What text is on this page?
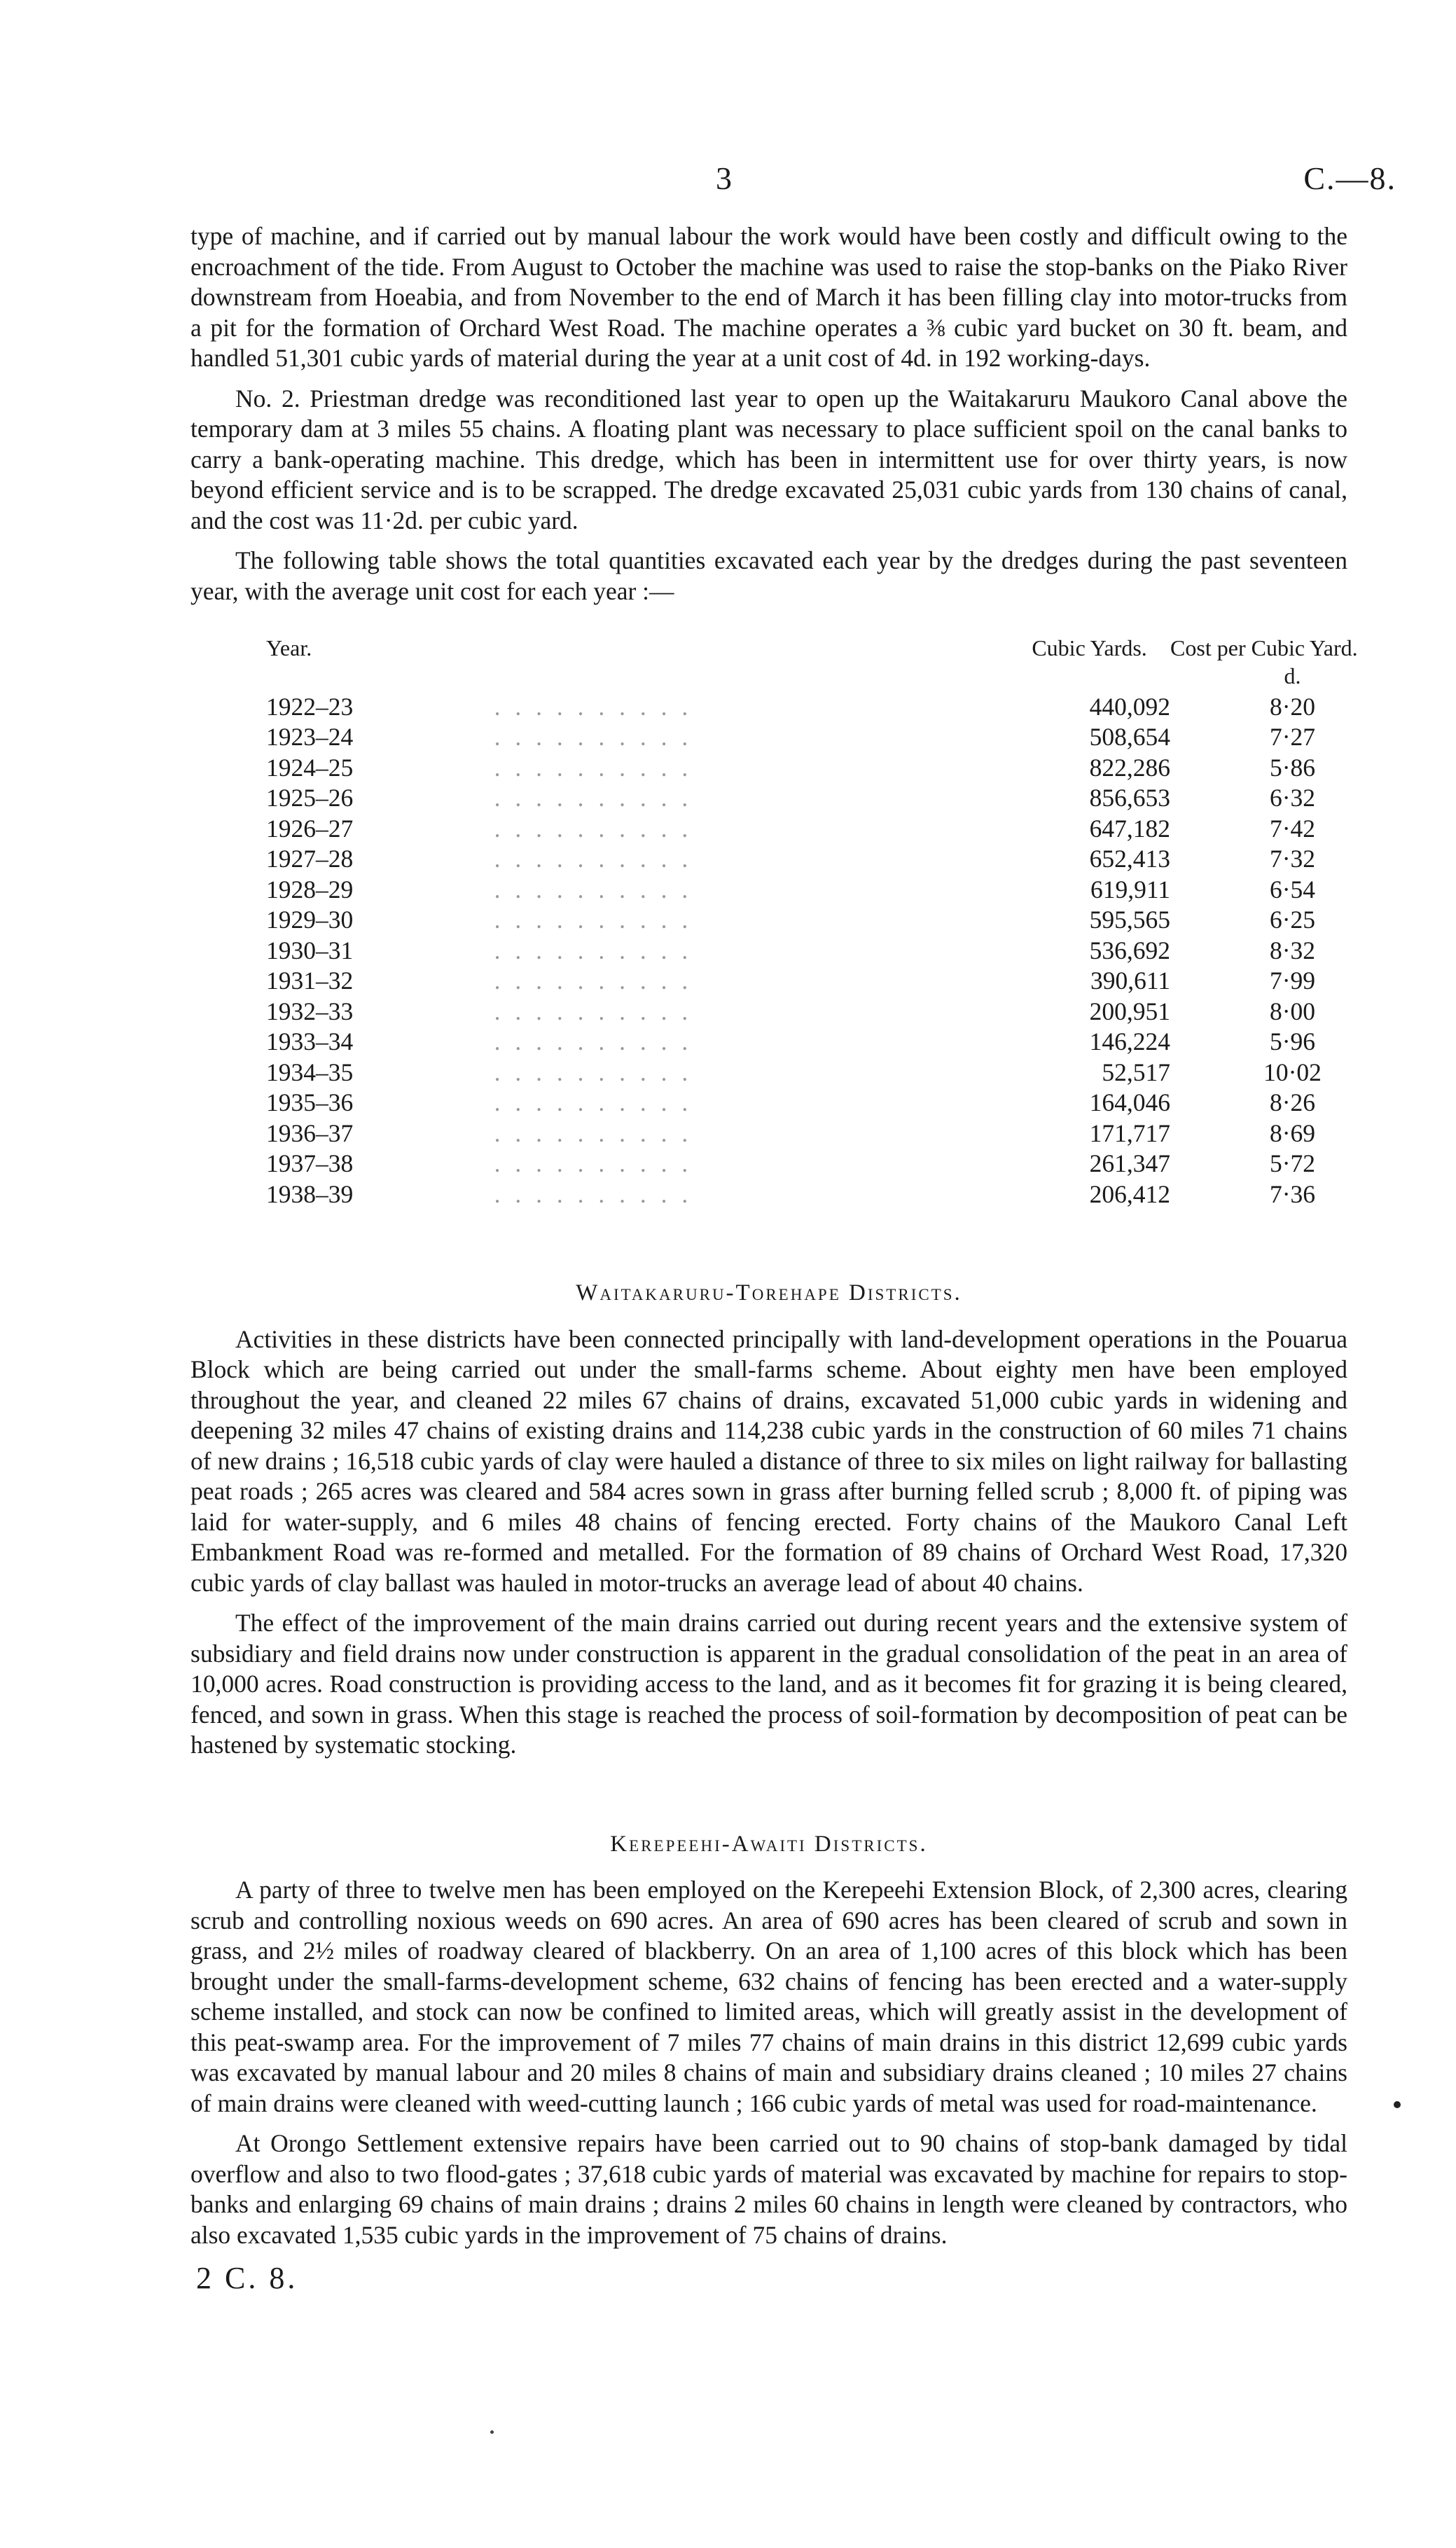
3	C.—8.

type of machine, and if carried out by manual labour the work would have been costly and difficult owing to the encroachment of the tide. From August to October the machine was used to raise the stop-banks on the Piako River downstream from Hoeabia, and from November to the end of March it has been filling clay into motor-trucks from a pit for the formation of Orchard West Road. The machine operates a ⅜ cubic yard bucket on 30 ft. beam, and handled 51,301 cubic yards of material during the year at a unit cost of 4d. in 192 working-days.

No. 2. Priestman dredge was reconditioned last year to open up the Waitakaruru Maukoro Canal above the temporary dam at 3 miles 55 chains. A floating plant was necessary to place sufficient spoil on the canal banks to carry a bank-operating machine. This dredge, which has been in intermittent use for over thirty years, is now beyond efficient service and is to be scrapped. The dredge excavated 25,031 cubic yards from 130 chains of canal, and the cost was 11·2d. per cubic yard.

The following table shows the total quantities excavated each year by the dredges during the past seventeen year, with the average unit cost for each year :—

Year.		Cubic Yards.	Cost per Cubic Yard.
			d.
1922–23	. . . . . . . . . .	440,092	8·20
1923–24	. . . . . . . . . .	508,654	7·27
1924–25	. . . . . . . . . .	822,286	5·86
1925–26	. . . . . . . . . .	856,653	6·32
1926–27	. . . . . . . . . .	647,182	7·42
1927–28	. . . . . . . . . .	652,413	7·32
1928–29	. . . . . . . . . .	619,911	6·54
1929–30	. . . . . . . . . .	595,565	6·25
1930–31	. . . . . . . . . .	536,692	8·32
1931–32	. . . . . . . . . .	390,611	7·99
1932–33	. . . . . . . . . .	200,951	8·00
1933–34	. . . . . . . . . .	146,224	5·96
1934–35	. . . . . . . . . .	52,517	10·02
1935–36	. . . . . . . . . .	164,046	8·26
1936–37	. . . . . . . . . .	171,717	8·69
1937–38	. . . . . . . . . .	261,347	5·72
1938–39	. . . . . . . . . .	206,412	7·36
Waitakaruru-Torehape Districts.

Activities in these districts have been connected principally with land-development operations in the Pouarua Block which are being carried out under the small-farms scheme. About eighty men have been employed throughout the year, and cleaned 22 miles 67 chains of drains, excavated 51,000 cubic yards in widening and deepening 32 miles 47 chains of existing drains and 114,238 cubic yards in the construction of 60 miles 71 chains of new drains ; 16,518 cubic yards of clay were hauled a distance of three to six miles on light railway for ballasting peat roads ; 265 acres was cleared and 584 acres sown in grass after burning felled scrub ; 8,000 ft. of piping was laid for water-supply, and 6 miles 48 chains of fencing erected. Forty chains of the Maukoro Canal Left Embankment Road was re-formed and metalled. For the formation of 89 chains of Orchard West Road, 17,320 cubic yards of clay ballast was hauled in motor-trucks an average lead of about 40 chains.

The effect of the improvement of the main drains carried out during recent years and the extensive system of subsidiary and field drains now under construction is apparent in the gradual consolidation of the peat in an area of 10,000 acres. Road construction is providing access to the land, and as it becomes fit for grazing it is being cleared, fenced, and sown in grass. When this stage is reached the process of soil-formation by decomposition of peat can be hastened by systematic stocking.

Kerepeehi-Awaiti Districts.

A party of three to twelve men has been employed on the Kerepeehi Extension Block, of 2,300 acres, clearing scrub and controlling noxious weeds on 690 acres. An area of 690 acres has been cleared of scrub and sown in grass, and 2½ miles of roadway cleared of blackberry. On an area of 1,100 acres of this block which has been brought under the small-farms-development scheme, 632 chains of fencing has been erected and a water-supply scheme installed, and stock can now be confined to limited areas, which will greatly assist in the development of this peat-swamp area. For the improvement of 7 miles 77 chains of main drains in this district 12,699 cubic yards was excavated by manual labour and 20 miles 8 chains of main and subsidiary drains cleaned ; 10 miles 27 chains of main drains were cleaned with weed-cutting launch ; 166 cubic yards of metal was used for road-maintenance.

At Orongo Settlement extensive repairs have been carried out to 90 chains of stop-bank damaged by tidal overflow and also to two flood-gates ; 37,618 cubic yards of material was excavated by machine for repairs to stop-banks and enlarging 69 chains of main drains ; drains 2 miles 60 chains in length were cleaned by contractors, who also excavated 1,535 cubic yards in the improvement of 75 chains of drains.

2 C. 8.
